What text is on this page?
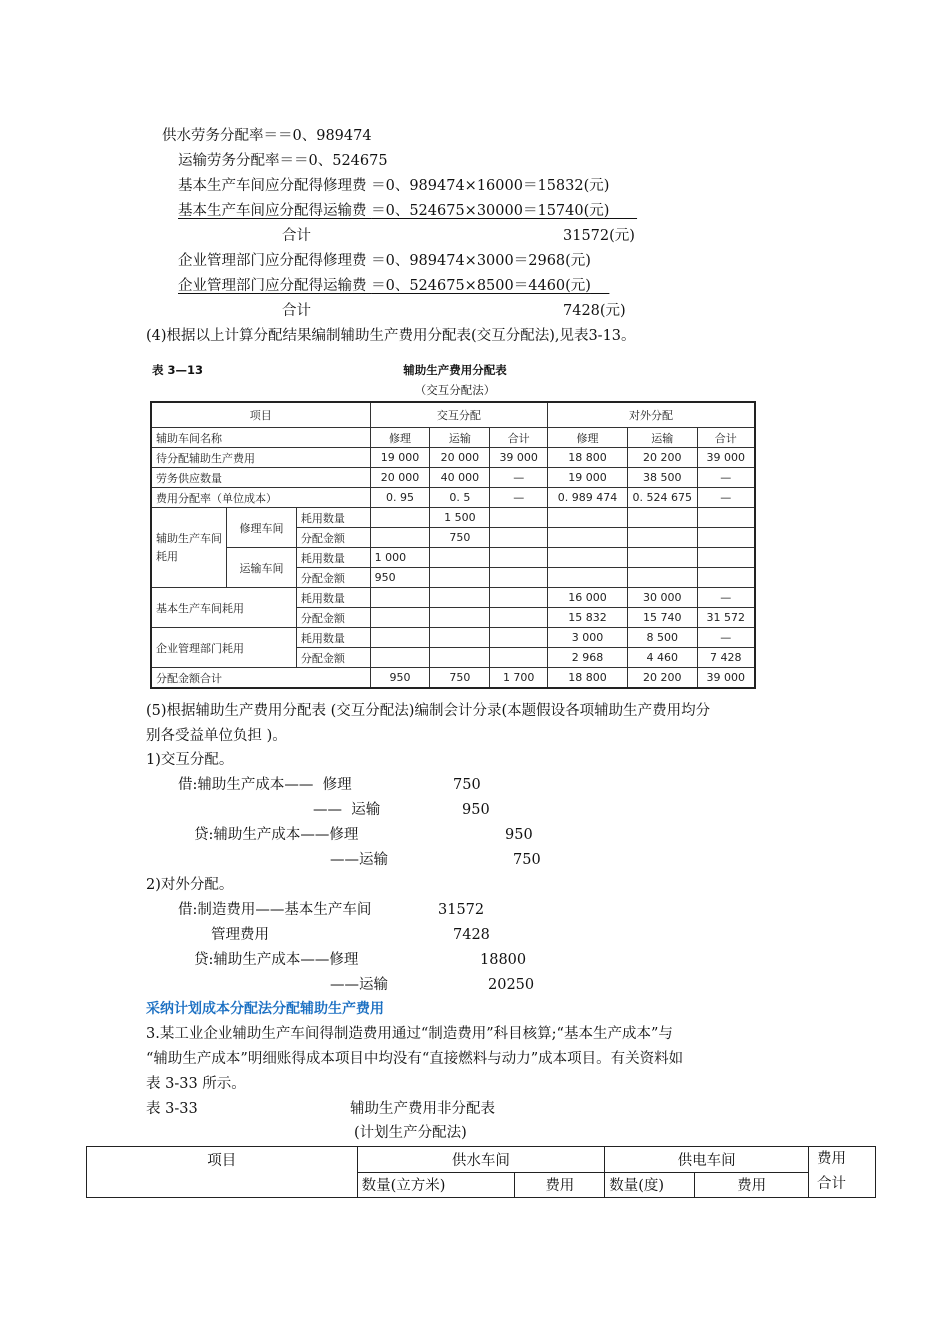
供水劳务分配率＝＝0、989474
运输劳务分配率＝＝0、524675
基本生产车间应分配得修理费 ＝0、989474×16000＝15832(元)
基本生产车间应分配得运输费 ＝0、524675×30000＝15740(元)
合计	31572(元)
企业管理部门应分配得修理费 ＝0、989474×3000＝2968(元)
企业管理部门应分配得运输费 ＝0、524675×8500＝4460(元)
合计	7428(元)
(4)根据以上计算分配结果编制辅助生产费用分配表(交互分配法),见表3-13。
表 3—13	辅助生产费用分配表
（交互分配法）
项目			交互分配			对外分配		
辅助车间名称			修理	运输	合计	修理	运输	合计
待分配辅助生产费用			19 000	20 000	39 000	18 800	20 200	39 000
劳务供应数量			20 000	40 000	—	19 000	38 500	—
费用分配率（单位成本）			0. 95	0. 5	—	0. 989 474	0. 524 675	—
辅助生产车间耗用	修理车间	耗用数量		1 500				
		分配金额		750				
	运输车间	耗用数量	1 000					
		分配金额	950					
基本生产车间耗用		耗用数量				16 000	30 000	—
		分配金额				15 832	15 740	31 572
企业管理部门耗用		耗用数量				3 000	8 500	—
		分配金额				2 968	4 460	7 428
分配金额合计			950	750	1 700	18 800	20 200	39 000
(5)根据辅助生产费用分配表 (交互分配法)编制会计分录(本题假设各项辅助生产费用均分
别各受益单位负担 )。
1)交互分配。
借:辅助生产成本——  修理	750
——  运输	950
贷:辅助生产成本——修理	950
——运输	750
2)对外分配。
借:制造费用——基本生产车间	31572
管理费用	7428
贷:辅助生产成本——修理	18800
——运输	20250
采纳计划成本分配法分配辅助生产费用
3.某工业企业辅助生产车间得制造费用通过“制造费用”科目核算;“基本生产成本”与
“辅助生产成本”明细账得成本项目中均没有“直接燃料与动力”成本项目。有关资料如
表 3-33 所示。
表 3-33	辅助生产费用非分配表
(计划生产分配法)
项目	供水车间		供电车间		费用
合计
	数量(立方米)	费用	数量(度)	费用	
